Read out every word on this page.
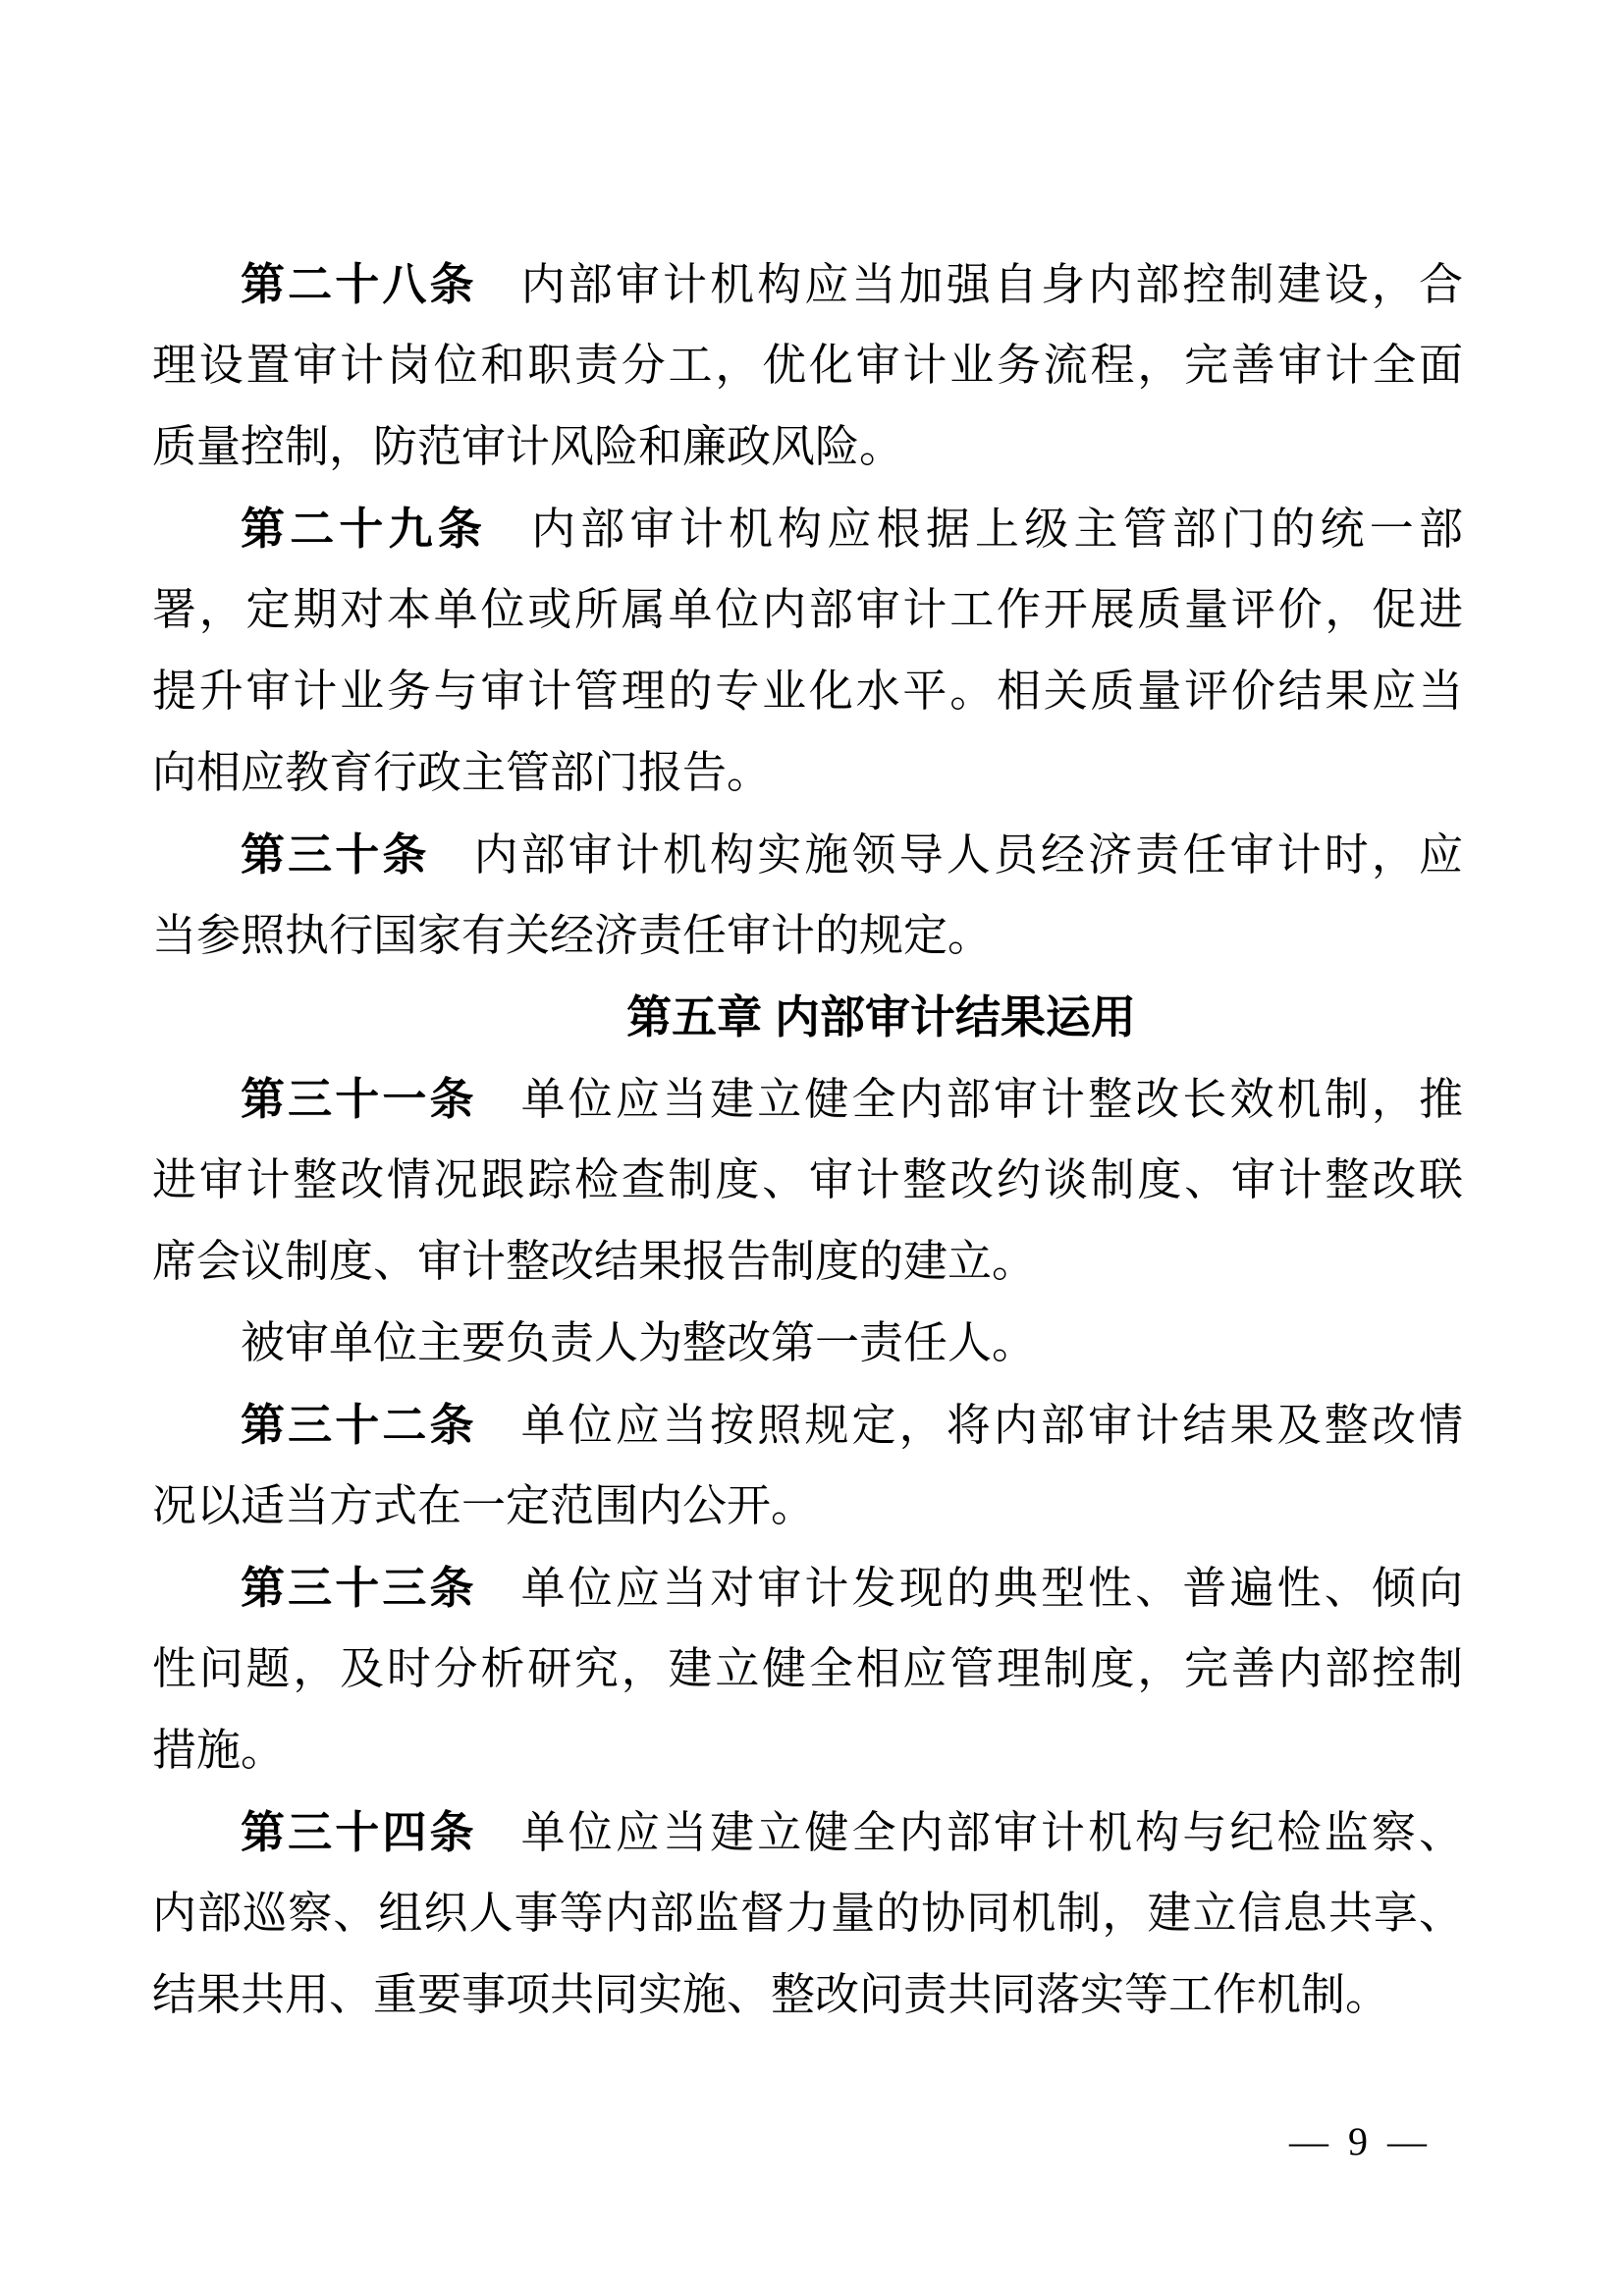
第二十八条 内部审计机构应当加强自身内部控制建设，合
理设置审计岗位和职责分工，优化审计业务流程，完善审计全面
质量控制，防范审计风险和廉政风险。
第二十九条 内部审计机构应根据上级主管部门的统一部
署，定期对本单位或所属单位内部审计工作开展质量评价，促进
提升审计业务与审计管理的专业化水平。相关质量评价结果应当
向相应教育行政主管部门报告。
第三十条 内部审计机构实施领导人员经济责任审计时，应
当参照执行国家有关经济责任审计的规定。
第五章 内部审计结果运用
第三十一条 单位应当建立健全内部审计整改长效机制，推
进审计整改情况跟踪检查制度、审计整改约谈制度、审计整改联
席会议制度、审计整改结果报告制度的建立。
被审单位主要负责人为整改第一责任人。
第三十二条 单位应当按照规定，将内部审计结果及整改情
况以适当方式在一定范围内公开。
第三十三条 单位应当对审计发现的典型性、普遍性、倾向
性问题，及时分析研究，建立健全相应管理制度，完善内部控制
措施。
第三十四条 单位应当建立健全内部审计机构与纪检监察、
内部巡察、组织人事等内部监督力量的协同机制，建立信息共享、
结果共用、重要事项共同实施、整改问责共同落实等工作机制。
— 9 —
